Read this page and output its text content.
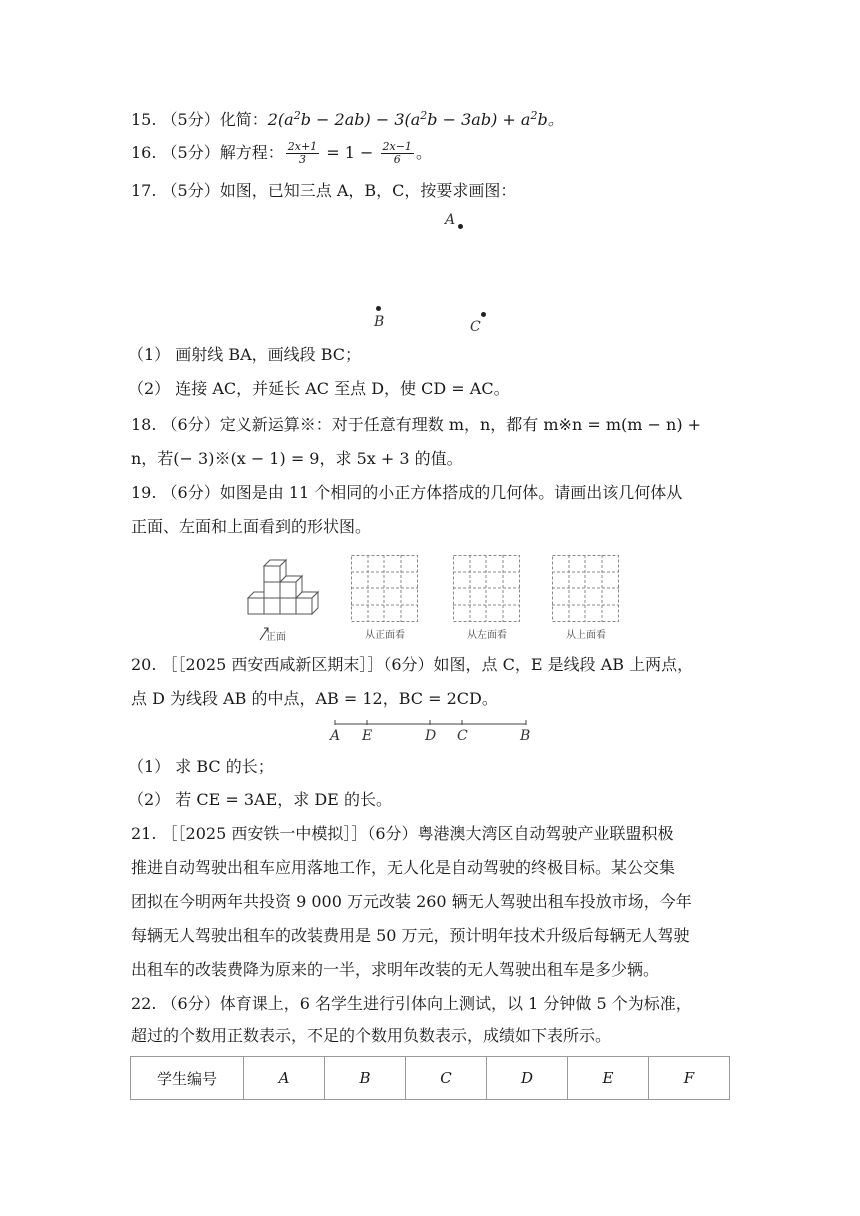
15. （5分）化简：$2(a^2b - 2ab) - 3(a^2b - 3ab) + a^2b$。
16. （5分）解方程： $\frac{2x+1}{3} = 1 - \frac{2x-1}{6}$ 。
17. （5分）如图，已知三点 A，B，C，按要求画图：
A
B	C
（1） 画射线 BA，画线段 BC；
（2） 连接 AC，并延长 AC 至点 D，使 CD = AC。
18. （6分）定义新运算※：对于任意有理数 m，n，都有 m※n = m(m − n) +
n，若(− 3)※(x − 1) = 9，求 5x + 3 的值。
19. （6分）如图是由 11 个相同的小正方体搭成的几何体。请画出该几何体从
正面、左面和上面看到的形状图。
正面	从正面看	从左面看	从上面看
20. ［［2025 西安西咸新区期末］］（6分）如图，点 C，E 是线段 AB 上两点，
点 D 为线段 AB 的中点，AB = 12，BC = 2CD。
A E	D C	B
（1） 求 BC 的长；
（2） 若 CE = 3AE，求 DE 的长。
21. ［［2025 西安铁一中模拟］］（6分）粤港澳大湾区自动驾驶产业联盟积极
推进自动驾驶出租车应用落地工作，无人化是自动驾驶的终极目标。某公交集
团拟在今明两年共投资 9 000 万元改装 260 辆无人驾驶出租车投放市场，今年
每辆无人驾驶出租车的改装费用是 50 万元，预计明年技术升级后每辆无人驾驶
出租车的改装费降为原来的一半，求明年改装的无人驾驶出租车是多少辆。
22. （6分）体育课上，6 名学生进行引体向上测试，以 1 分钟做 5 个为标准，
超过的个数用正数表示，不足的个数用负数表示，成绩如下表所示。
学生编号	A	B	C	D	E	F
